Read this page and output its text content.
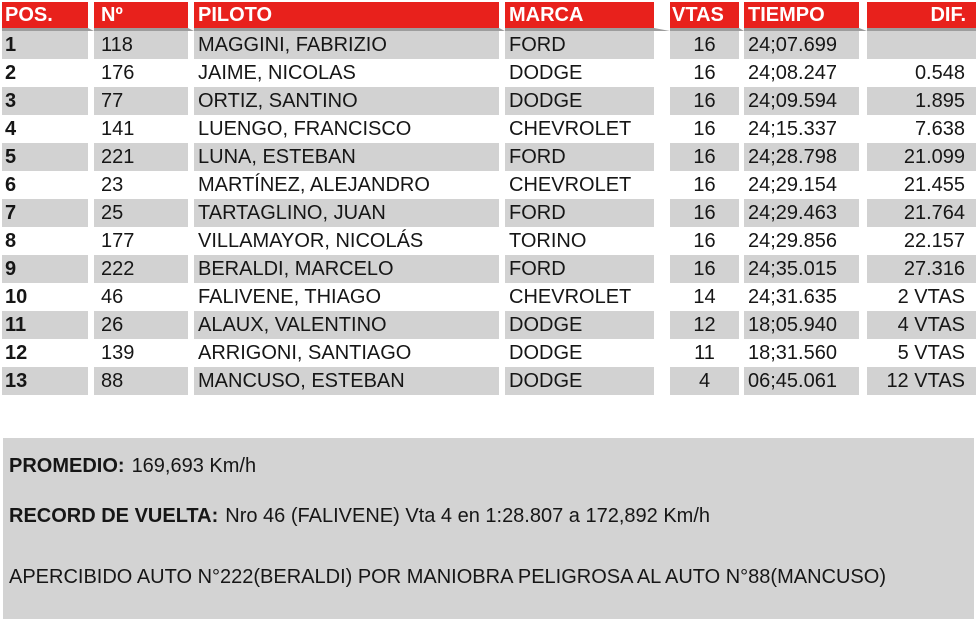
POS.	Nº	PILOTO	MARCA	VTAS	TIEMPO	DIF.
1	118	MAGGINI, FABRIZIO	FORD	16	24;07.699	
2	176	JAIME, NICOLAS	DODGE	16	24;08.247	0.548
3	77	ORTIZ, SANTINO	DODGE	16	24;09.594	1.895
4	141	LUENGO, FRANCISCO	CHEVROLET	16	24;15.337	7.638
5	221	LUNA, ESTEBAN	FORD	16	24;28.798	21.099
6	23	MARTÍNEZ, ALEJANDRO	CHEVROLET	16	24;29.154	21.455
7	25	TARTAGLINO, JUAN	FORD	16	24;29.463	21.764
8	177	VILLAMAYOR, NICOLÁS	TORINO	16	24;29.856	22.157
9	222	BERALDI, MARCELO	FORD	16	24;35.015	27.316
10	46	FALIVENE, THIAGO	CHEVROLET	14	24;31.635	2 VTAS
11	26	ALAUX, VALENTINO	DODGE	12	18;05.940	4 VTAS
12	139	ARRIGONI, SANTIAGO	DODGE	11	18;31.560	5 VTAS
13	88	MANCUSO, ESTEBAN	DODGE	4	06;45.061	12 VTAS

PROMEDIO: 169,693 Km/h

RECORD DE VUELTA: Nro 46 (FALIVENE) Vta 4 en 1:28.807 a 172,892 Km/h

APERCIBIDO AUTO N°222(BERALDI) POR MANIOBRA PELIGROSA AL AUTO N°88(MANCUSO)
